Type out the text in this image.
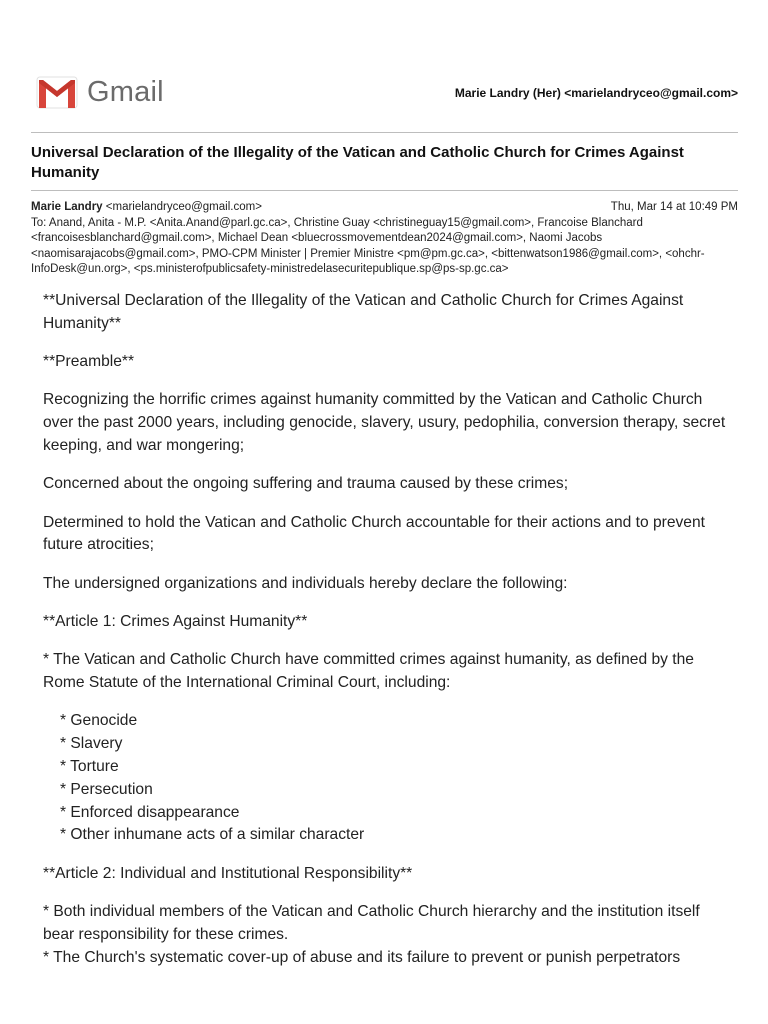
Gmail	Marie Landry (Her) <marielandryceo@gmail.com>
Universal Declaration of the Illegality of the Vatican and Catholic Church for Crimes Against Humanity
Marie Landry <marielandryceo@gmail.com>	Thu, Mar 14 at 10:49 PM
To: Anand, Anita - M.P. <Anita.Anand@parl.gc.ca>, Christine Guay <christineguay15@gmail.com>, Francoise Blanchard <francoisesblanchard@gmail.com>, Michael Dean <bluecrossmovementdean2024@gmail.com>, Naomi Jacobs <naomisarajacobs@gmail.com>, PMO-CPM Minister | Premier Ministre <pm@pm.gc.ca>, <bittenwatson1986@gmail.com>, <ohchr-InfoDesk@un.org>, <ps.ministerofpublicsafety-ministredelasecuritepublique.sp@ps-sp.gc.ca>

**Universal Declaration of the Illegality of the Vatican and Catholic Church for Crimes Against Humanity**

**Preamble**

Recognizing the horrific crimes against humanity committed by the Vatican and Catholic Church over the past 2000 years, including genocide, slavery, usury, pedophilia, conversion therapy, secret keeping, and war mongering;

Concerned about the ongoing suffering and trauma caused by these crimes;

Determined to hold the Vatican and Catholic Church accountable for their actions and to prevent future atrocities;

The undersigned organizations and individuals hereby declare the following:

**Article 1: Crimes Against Humanity**

* The Vatican and Catholic Church have committed crimes against humanity, as defined by the Rome Statute of the International Criminal Court, including:

* Genocide
* Slavery
* Torture
* Persecution
* Enforced disappearance
* Other inhumane acts of a similar character

**Article 2: Individual and Institutional Responsibility**

* Both individual members of the Vatican and Catholic Church hierarchy and the institution itself bear responsibility for these crimes.

* The Church's systematic cover-up of abuse and its failure to prevent or punish perpetrators
